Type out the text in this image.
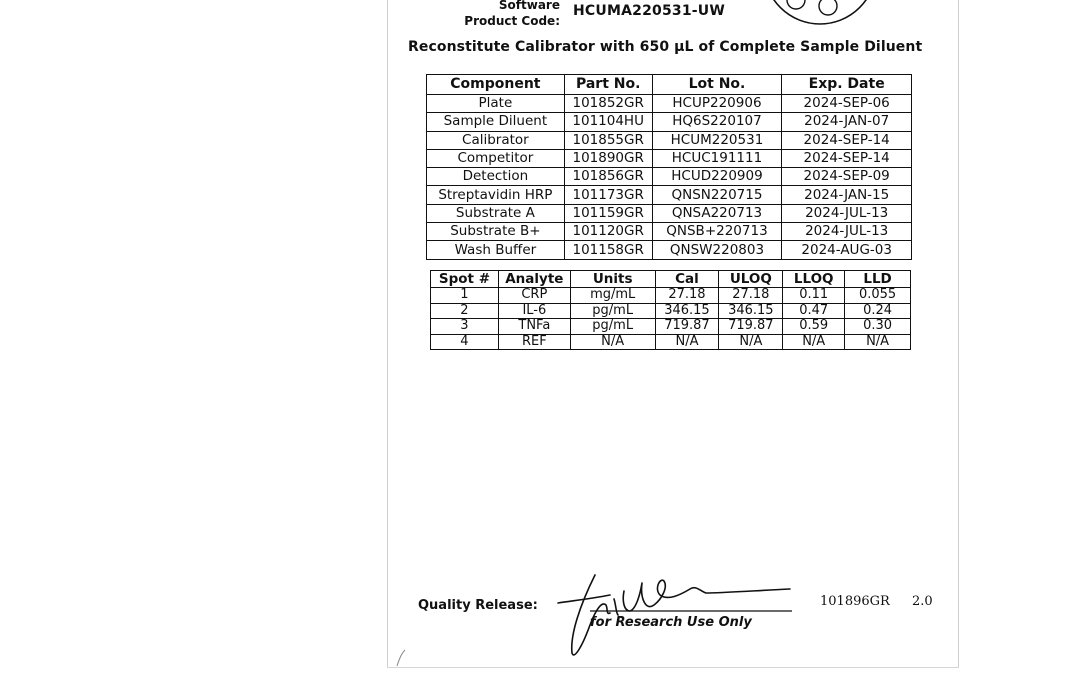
Software
Product Code:
HCUMA220531-UW
Reconstitute Calibrator with 650 µL of Complete Sample Diluent
Component	Part No.	Lot No.	Exp. Date
Plate	101852GR	HCUP220906	2024-SEP-06
Sample Diluent	101104HU	HQ6S220107	2024-JAN-07
Calibrator	101855GR	HCUM220531	2024-SEP-14
Competitor	101890GR	HCUC191111	2024-SEP-14
Detection	101856GR	HCUD220909	2024-SEP-09
Streptavidin HRP	101173GR	QNSN220715	2024-JAN-15
Substrate A	101159GR	QNSA220713	2024-JUL-13
Substrate B+	101120GR	QNSB+220713	2024-JUL-13
Wash Buffer	101158GR	QNSW220803	2024-AUG-03
Spot #	Analyte	Units	Cal	ULOQ	LLOQ	LLD
1	CRP	mg/mL	27.18	27.18	0.11	0.055
2	IL-6	pg/mL	346.15	346.15	0.47	0.24
3	TNFa	pg/mL	719.87	719.87	0.59	0.30
4	REF	N/A	N/A	N/A	N/A	N/A
Quality Release:
for Research Use Only
101896GR 2.0
